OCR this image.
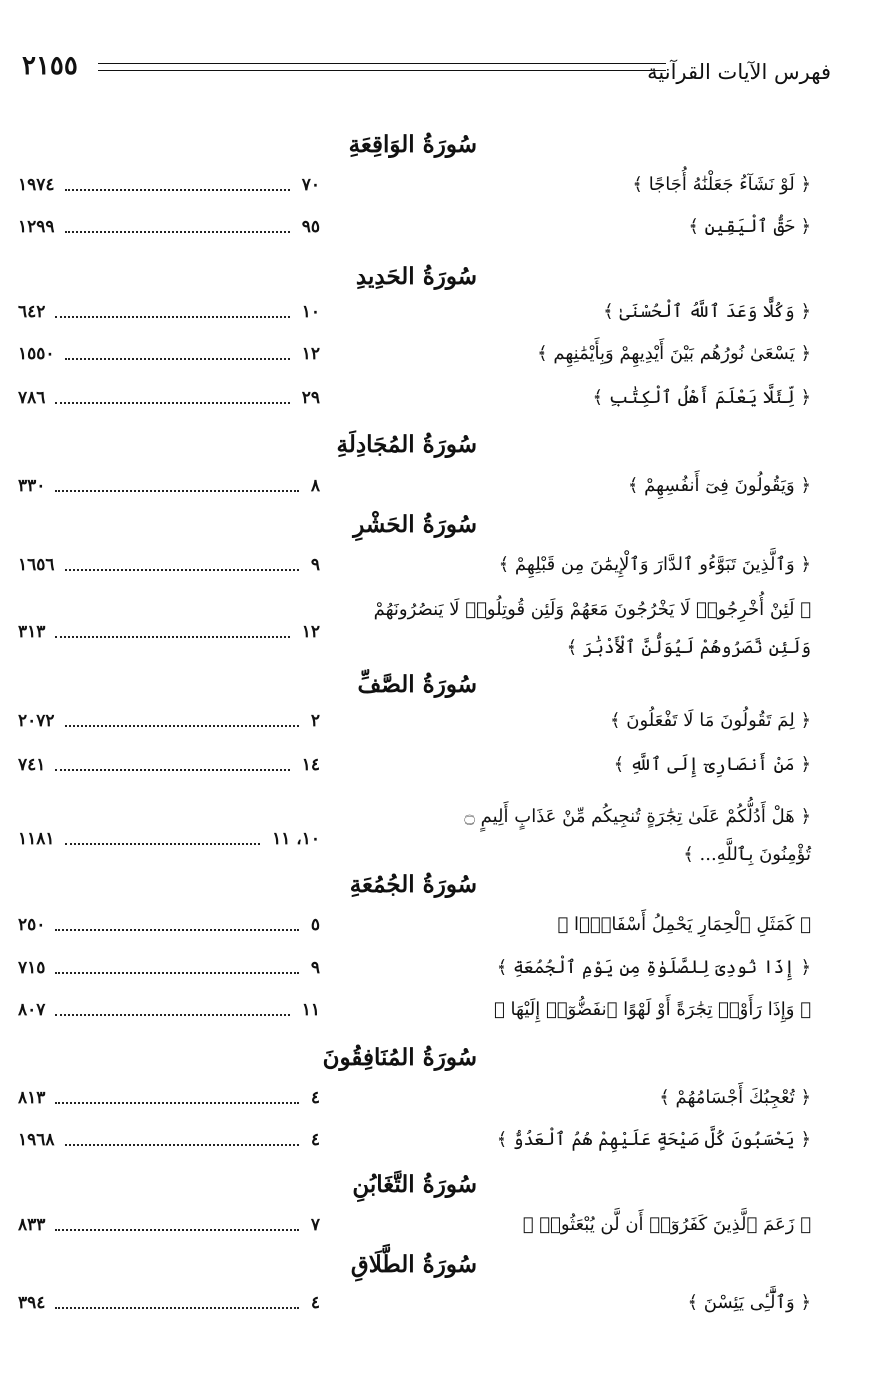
٢١٥٥	فهرس الآيات القرآنية
سُورَةُ الوَاقِعَةِ
﴿ لَوْ نَشَآءُ جَعَلْنَٰهُ أُجَاجًا ﴾
١٩٧٤	٧٠
﴿ حَقُّ ٱلْيَقِينِ ﴾
١٢٩٩	٩٥
سُورَةُ الحَدِيدِ
﴿ وَكُلًّا وَعَدَ ٱللَّهُ ٱلْحُسْنَىٰ ﴾
٦٤٢	١٠
﴿ يَسْعَىٰ نُورُهُم بَيْنَ أَيْدِيهِمْ وَبِأَيْمَٰنِهِم ﴾
١٥٥٠	١٢
﴿ لِّئَلَّا يَعْلَمَ أَهْلُ ٱلْكِتَٰبِ ﴾
٧٨٦	٢٩
سُورَةُ المُجَادِلَةِ
﴿ وَيَقُولُونَ فِىٓ أَنفُسِهِمْ ﴾
٣٣٠	٨
سُورَةُ الحَشْرِ
﴿ وَٱلَّذِينَ تَبَوَّءُو ٱلدَّارَ وَٱلْإِيمَٰنَ مِن قَبْلِهِمْ ﴾
١٦٥٦	٩
﴿ لَئِنْ أُخْرِجُوا۟ لَا يَخْرُجُونَ مَعَهُمْ وَلَئِن قُوتِلُوا۟ لَا يَنصُرُونَهُمْ
وَلَئِن نَّصَرُوهُمْ لَيُوَلُّنَّ ٱلْأَدْبَٰرَ ﴾
٣١٣	١٢
سُورَةُ الصَّفِّ
﴿ لِمَ تَقُولُونَ مَا لَا تَفْعَلُونَ ﴾
٢٠٧٢	٢
﴿ مَنْ أَنصَارِىٓ إِلَى ٱللَّهِ ﴾
٧٤١	١٤
﴿ هَلْ أَدُلُّكُمْ عَلَىٰ تِجَٰرَةٍ تُنجِيكُم مِّنْ عَذَابٍ أَلِيمٍ ۝
تُؤْمِنُونَ بِٱللَّهِ... ﴾
١١٨١	١٠، ١١
سُورَةُ الجُمُعَةِ
﴿ كَمَثَلِ ٱلْحِمَارِ يَحْمِلُ أَسْفَارًۢا ﴾
٢٥٠	٥
﴿ إِذَا نُودِىَ لِلصَّلَوٰةِ مِن يَوْمِ ٱلْجُمُعَةِ ﴾
٧١٥	٩
﴿ وَإِذَا رَأَوْا۟ تِجَٰرَةً أَوْ لَهْوًا ٱنفَضُّوٓا۟ إِلَيْهَا ﴾
٨٠٧	١١
سُورَةُ المُنَافِقُونَ
﴿ تُعْجِبُكَ أَجْسَامُهُمْ ﴾
٨١٣	٤
﴿ يَحْسَبُونَ كُلَّ صَيْحَةٍ عَلَيْهِمْ هُمُ ٱلْعَدُوُّ ﴾
١٩٦٨	٤
سُورَةُ التَّغَابُنِ
﴿ زَعَمَ ٱلَّذِينَ كَفَرُوٓا۟ أَن لَّن يُبْعَثُوا۟ ﴾
٨٣٣	٧
سُورَةُ الطَّلَاقِ
﴿ وَٱلَّٰٓـِٔى يَئِسْنَ ﴾
٣٩٤	٤
